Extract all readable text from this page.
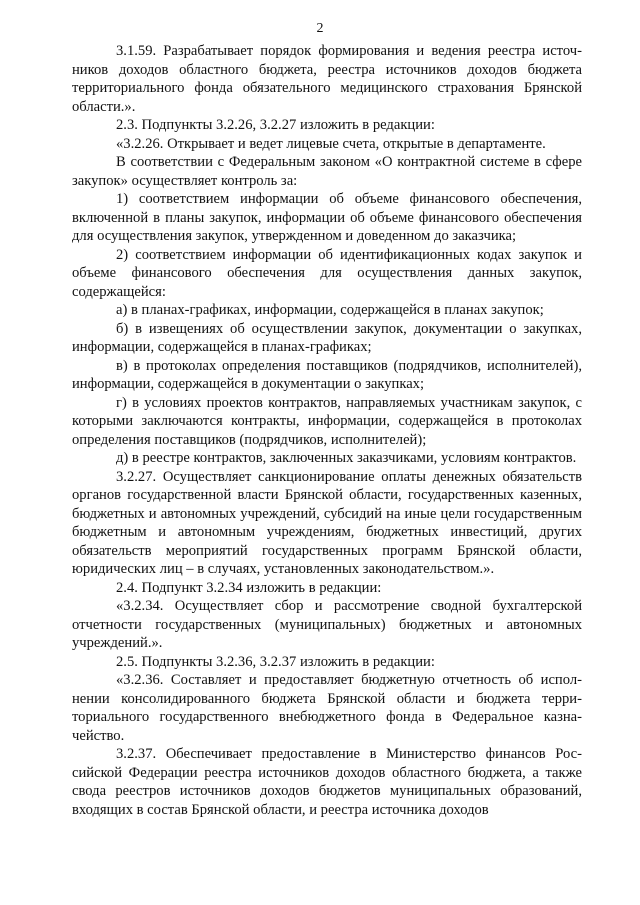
2

3.1.59. Разрабатывает порядок формирования и ведения реестра источников доходов областного бюджета, реестра источников доходов бюджета территориального фонда обязательного медицинского страхования Брянской области.».

2.3. Подпункты 3.2.26, 3.2.27 изложить в редакции:

«3.2.26. Открывает и ведет лицевые счета, открытые в департаменте.

В соответствии с Федеральным законом «О контрактной системе в сфере закупок» осуществляет контроль за:

1) соответствием информации об объеме финансового обеспечения, включенной в планы закупок, информации об объеме финансового обеспечения для осуществления закупок, утвержденном и доведенном до заказчика;

2) соответствием информации об идентификационных кодах закупок и объеме финансового обеспечения для осуществления данных закупок, содержащейся:

а) в планах-графиках, информации, содержащейся в планах закупок;

б) в извещениях об осуществлении закупок, документации о закупках, информации, содержащейся в планах-графиках;

в) в протоколах определения поставщиков (подрядчиков, исполнителей), информации, содержащейся в документации о закупках;

г) в условиях проектов контрактов, направляемых участникам закупок, с которыми заключаются контракты, информации, содержащейся в протоколах определения поставщиков (подрядчиков, исполнителей);

д) в реестре контрактов, заключенных заказчиками, условиям контрактов.

3.2.27. Осуществляет санкционирование оплаты денежных обязательств органов государственной власти Брянской области, государственных казенных, бюджетных и автономных учреждений, субсидий на иные цели государственным бюджетным и автономным учреждениям, бюджетных инвестиций, других обязательств мероприятий государственных программ Брянской области, юридических лиц – в случаях, установленных законодательством.».

2.4. Подпункт 3.2.34 изложить в редакции:

«3.2.34. Осуществляет сбор и рассмотрение сводной бухгалтерской отчетности государственных (муниципальных) бюджетных и автономных учреждений.».

2.5. Подпункты 3.2.36, 3.2.37 изложить в редакции:

«3.2.36. Составляет и предоставляет бюджетную отчетность об исполнении консолидированного бюджета Брянской области и бюджета территориального государственного внебюджетного фонда в Федеральное казначейство.

3.2.37. Обеспечивает предоставление в Министерство финансов Российской Федерации реестра источников доходов областного бюджета, а также свода реестров источников доходов бюджетов муниципальных образований, входящих в состав Брянской области, и реестра источника доходов
